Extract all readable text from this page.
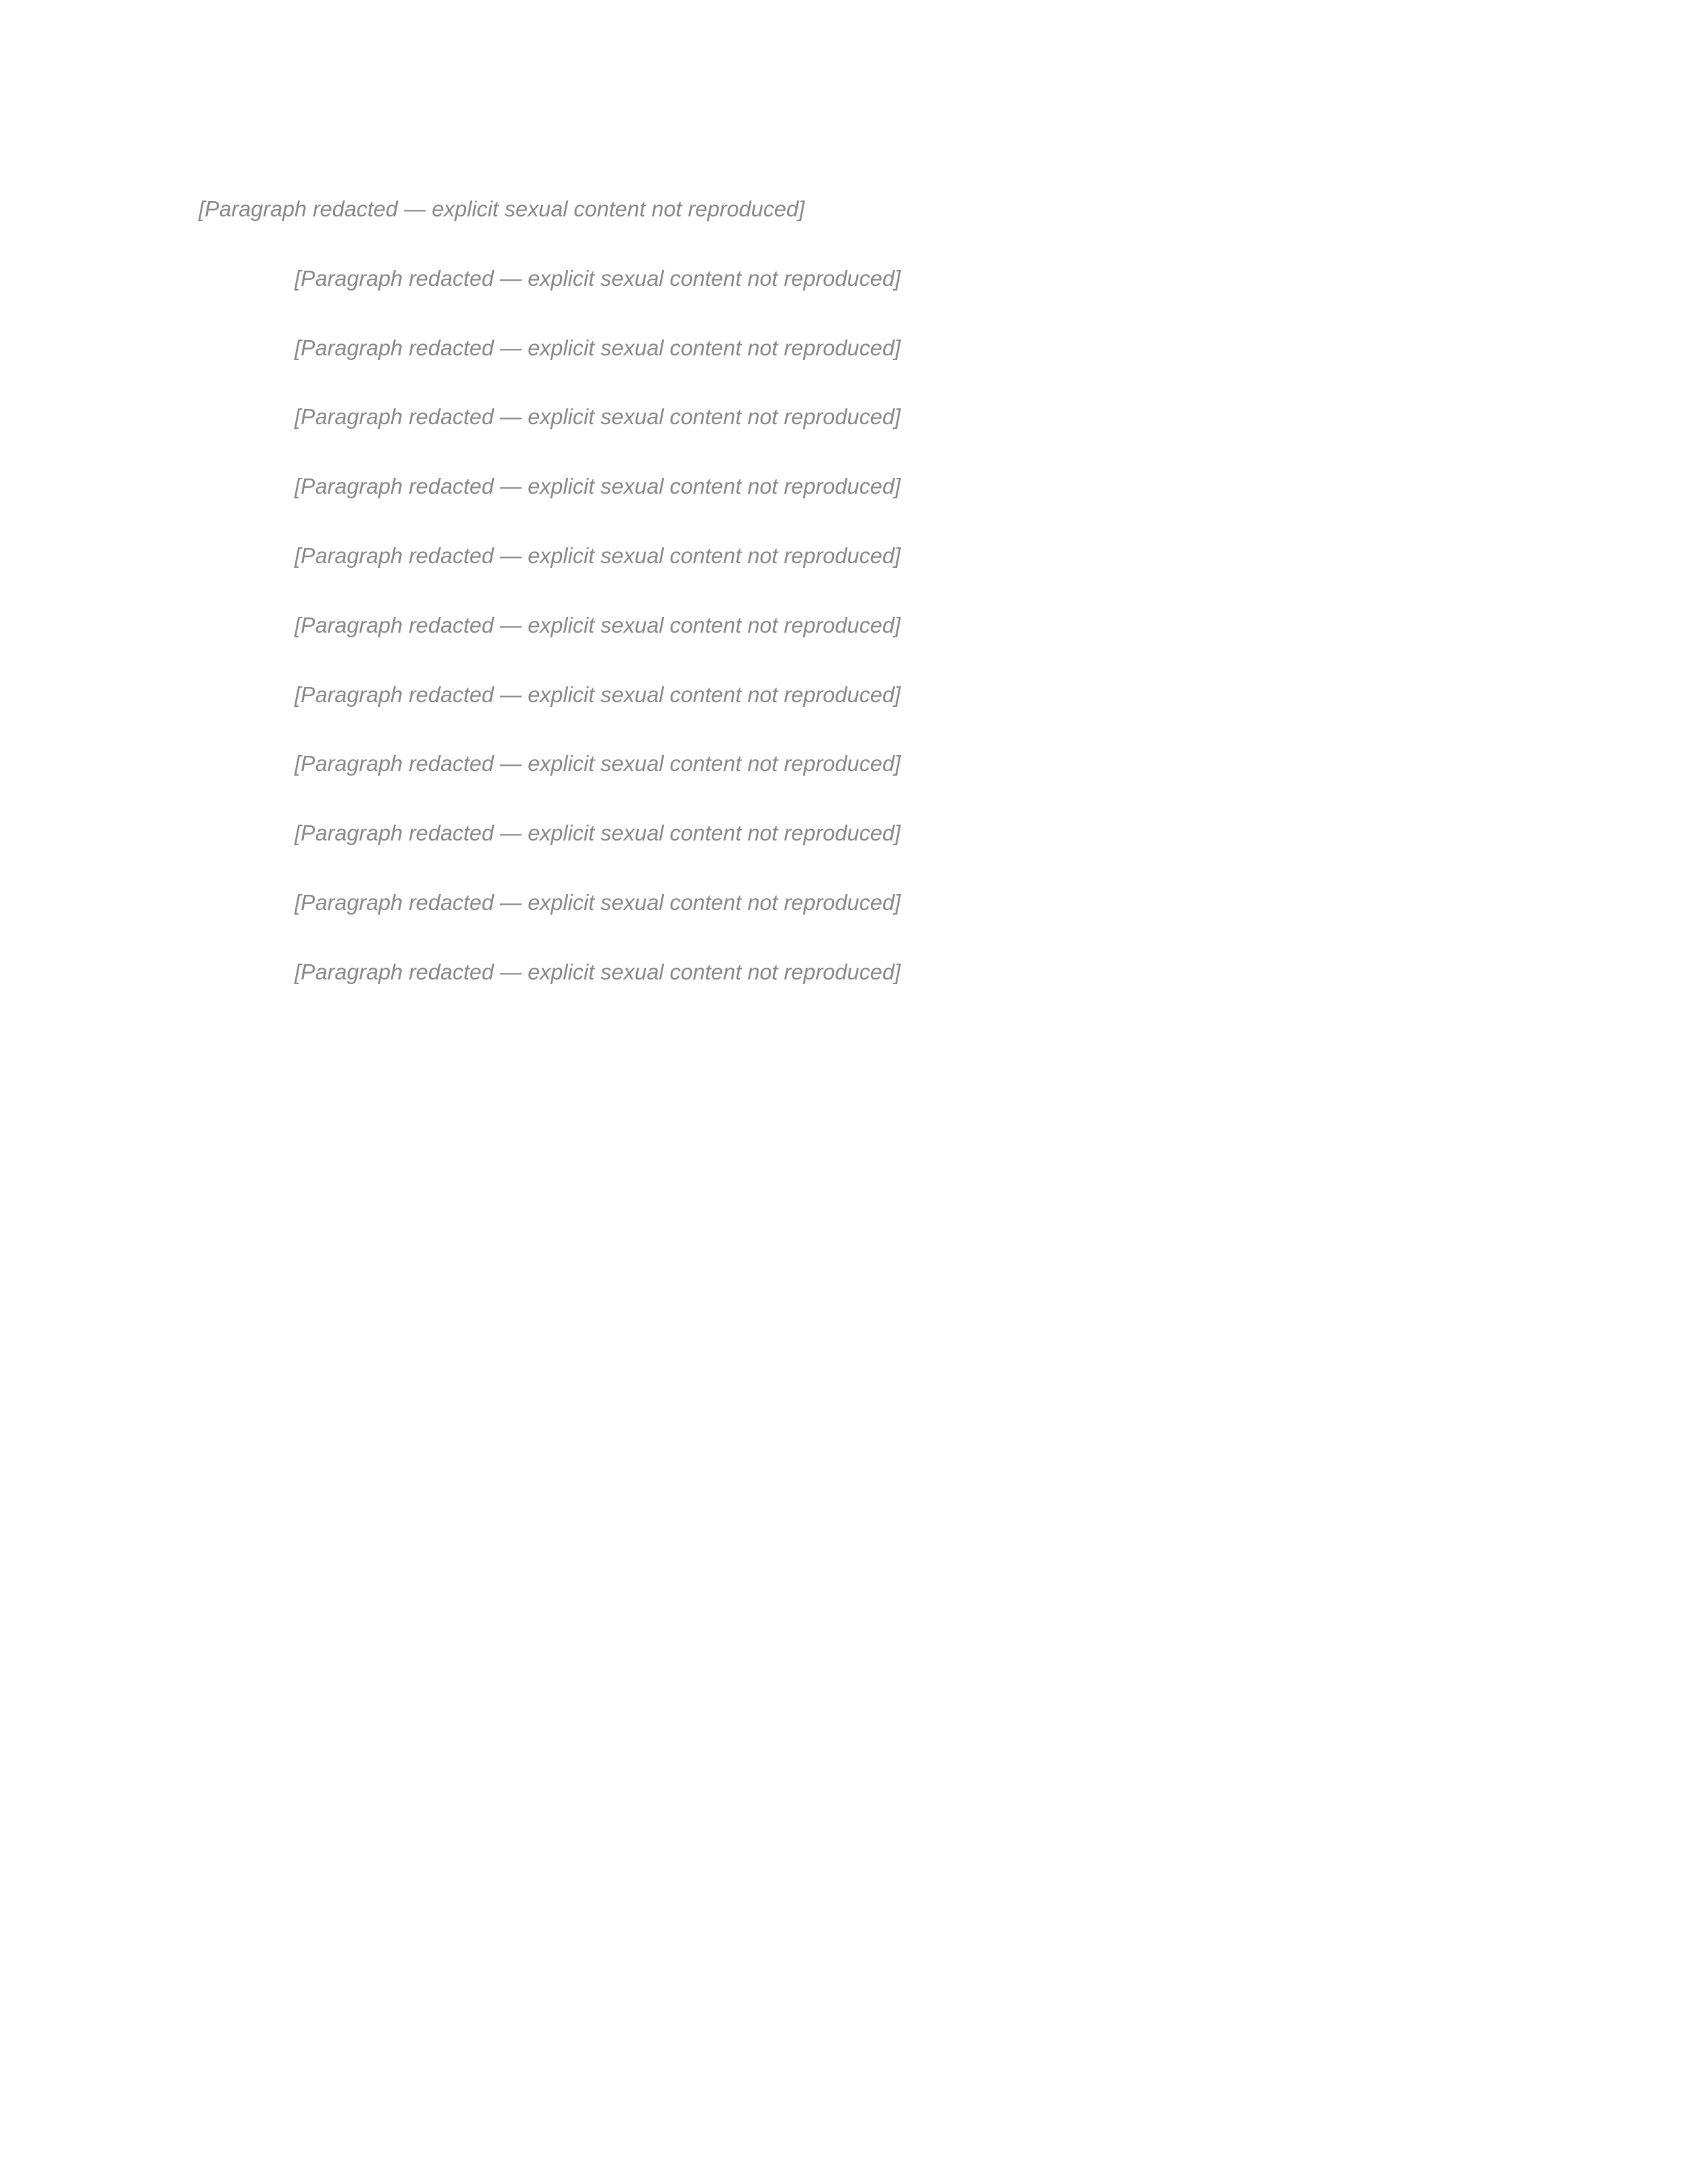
[Paragraph redacted — explicit sexual content not reproduced]

[Paragraph redacted — explicit sexual content not reproduced]

[Paragraph redacted — explicit sexual content not reproduced]

[Paragraph redacted — explicit sexual content not reproduced]

[Paragraph redacted — explicit sexual content not reproduced]

[Paragraph redacted — explicit sexual content not reproduced]

[Paragraph redacted — explicit sexual content not reproduced]

[Paragraph redacted — explicit sexual content not reproduced]

[Paragraph redacted — explicit sexual content not reproduced]

[Paragraph redacted — explicit sexual content not reproduced]

[Paragraph redacted — explicit sexual content not reproduced]

[Paragraph redacted — explicit sexual content not reproduced]
